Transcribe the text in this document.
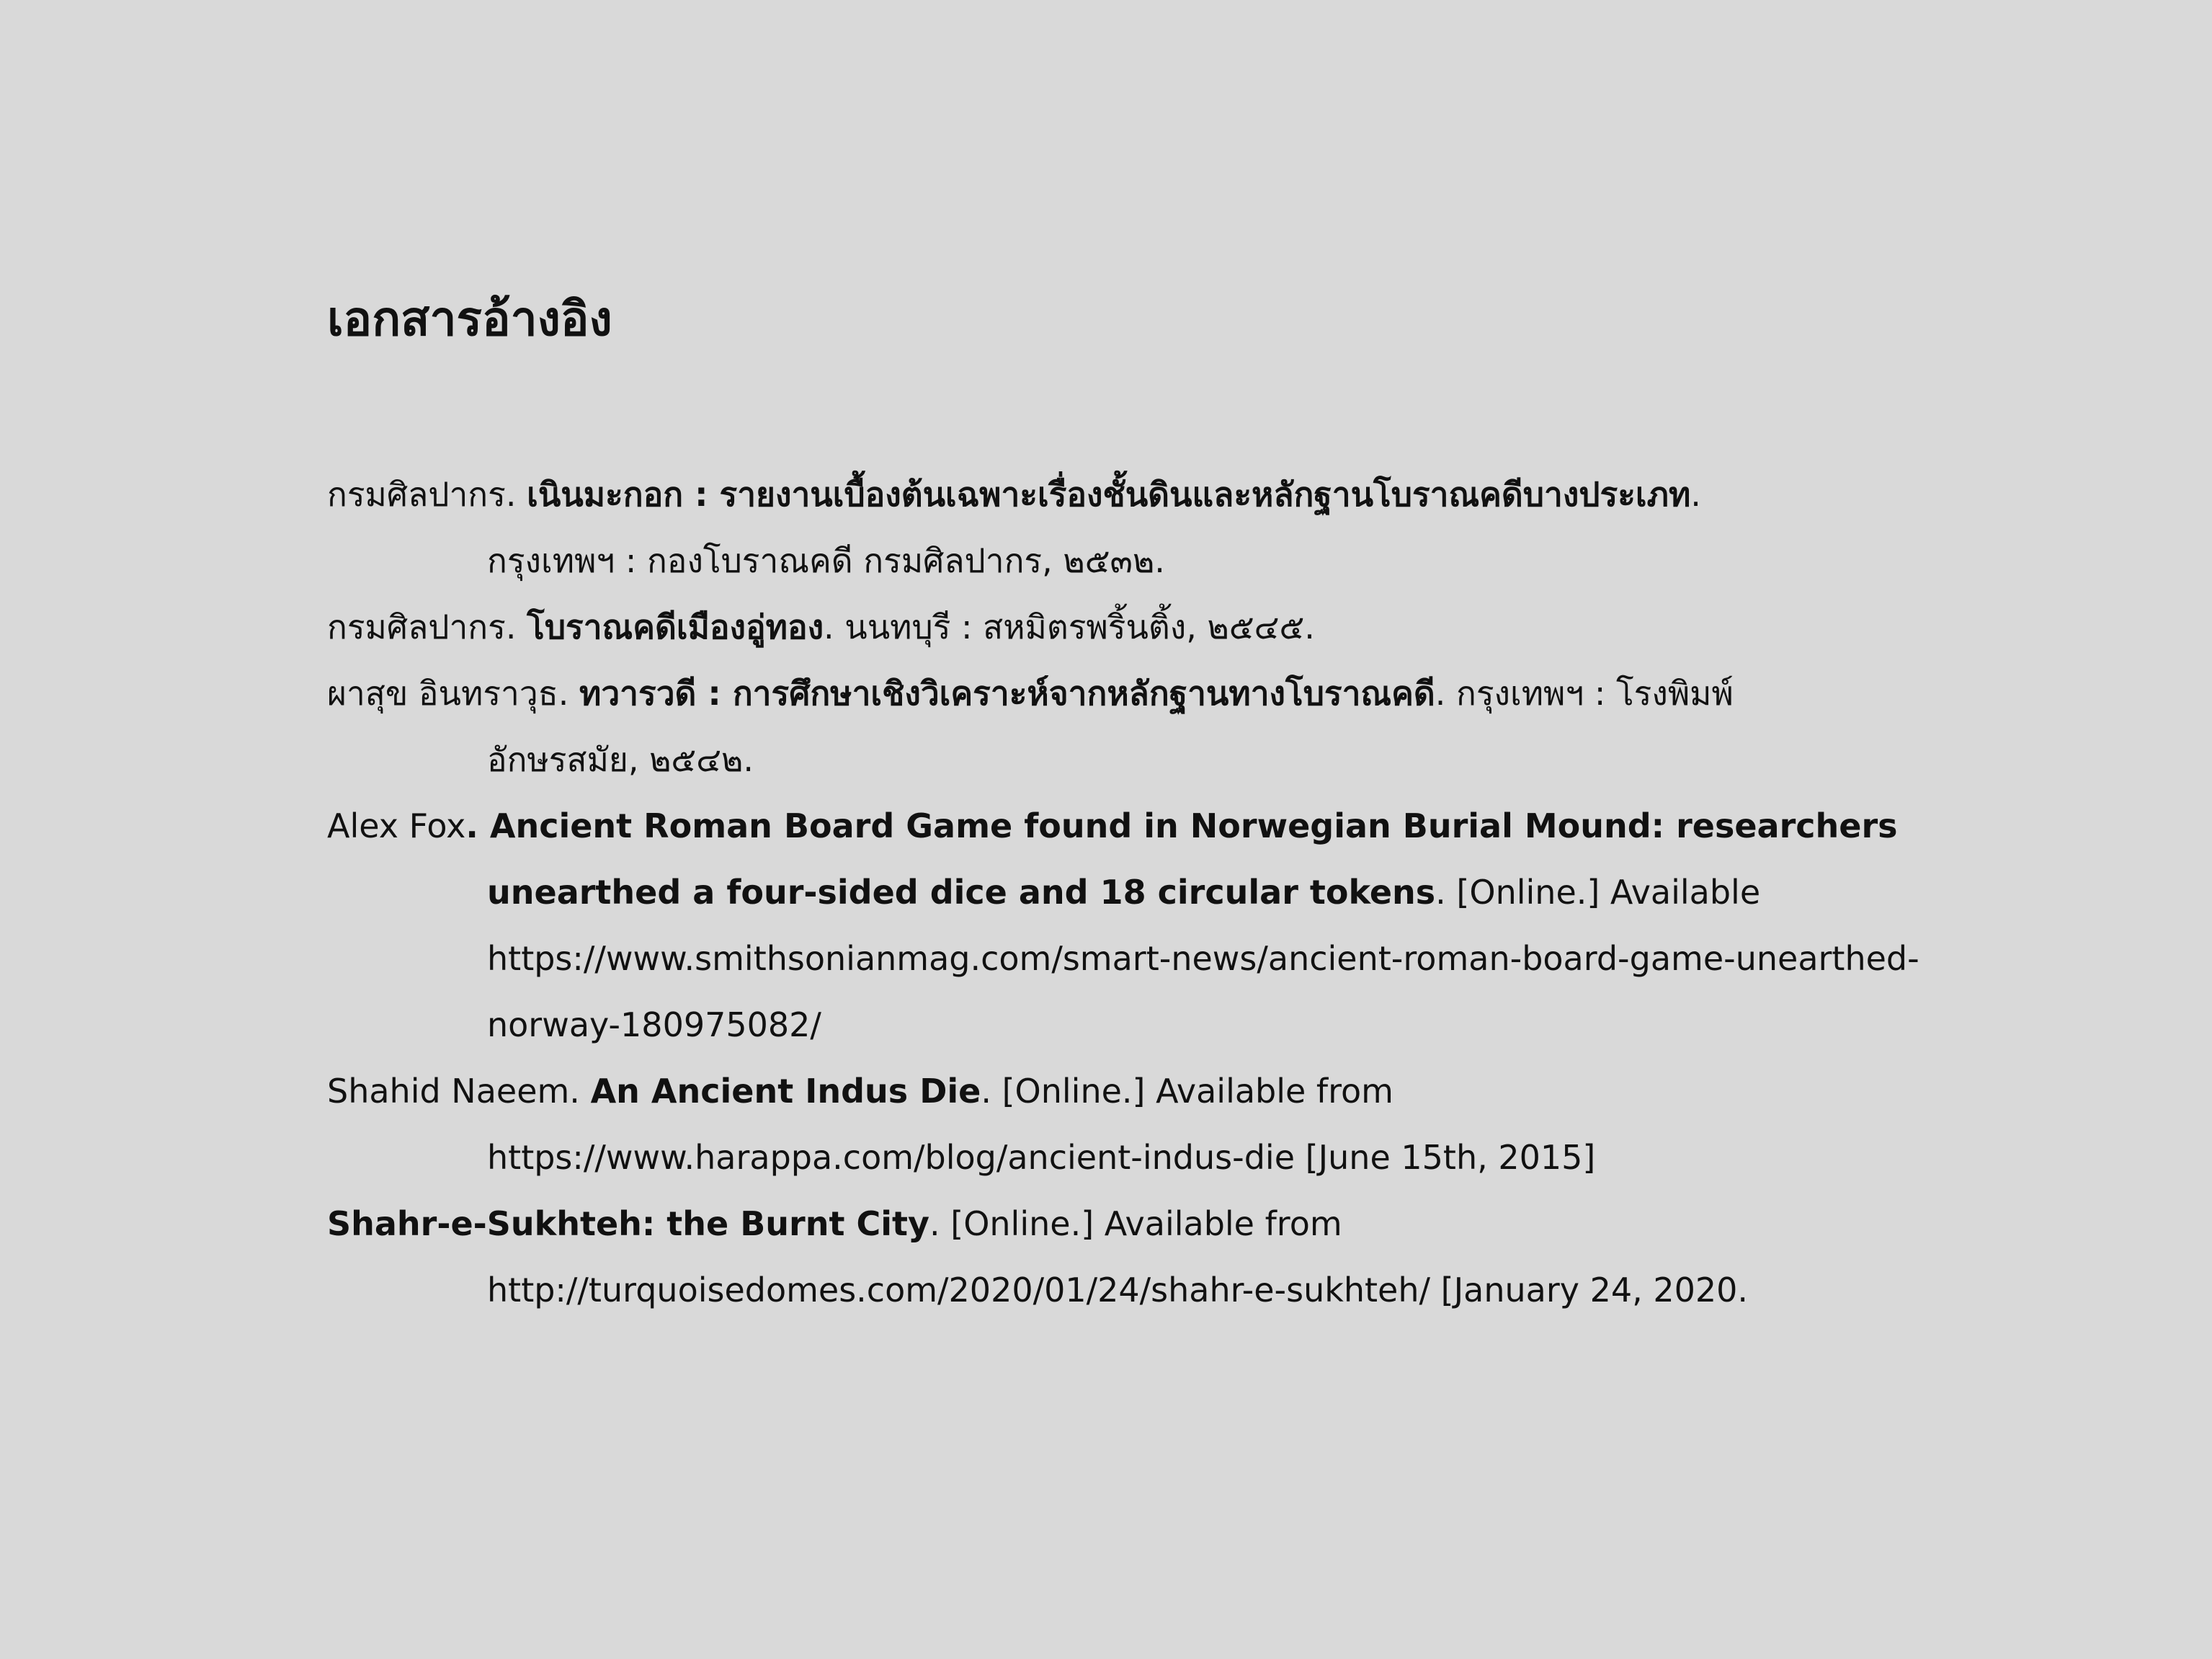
เอกสารอ้างอิง
กรมศิลปากร. เนินมะกอก : รายงานเบื้องต้นเฉพาะเรื่องชั้นดินและหลักฐานโบราณคดีบางประเภท.
กรุงเทพฯ : กองโบราณคดี กรมศิลปากร, ๒๕๓๒.
กรมศิลปากร. โบราณคดีเมืองอู่ทอง. นนทบุรี : สหมิตรพริ้นติ้ง, ๒๕๔๕.
ผาสุข อินทราวุธ. ทวารวดี : การศึกษาเชิงวิเคราะห์จากหลักฐานทางโบราณคดี. กรุงเทพฯ : โรงพิมพ์
อักษรสมัย, ๒๕๔๒.
Alex Fox. Ancient Roman Board Game found in Norwegian Burial Mound: researchers
unearthed a four-sided dice and 18 circular tokens. [Online.] Available
https://www.smithsonianmag.com/smart-news/ancient-roman-board-game-unearthed-
norway-180975082/
Shahid Naeem. An Ancient Indus Die. [Online.] Available from
https://www.harappa.com/blog/ancient-indus-die [June 15th, 2015]
Shahr-e-Sukhteh: the Burnt City. [Online.] Available from
http://turquoisedomes.com/2020/01/24/shahr-e-sukhteh/ [January 24, 2020.
